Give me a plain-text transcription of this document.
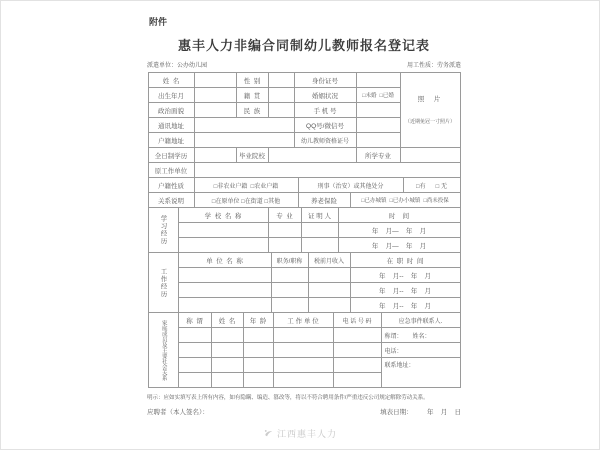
附件
惠丰人力非编合同制幼儿教师报名登记表
派遣单位：公办幼儿园	用工性质：劳务派遣
姓  名		性  别		身份证号		照  片

（近期免冠一寸照片）

出生年月		籍  贯		婚姻状况	□未婚  □已婚	
政治面貌		民  族		手 机 号		
通讯地址				QQ号/微信号		
户籍地址				幼儿教师资格证号		
全日制学历		毕业院校			所学专业	
原工作单位	
户籍性质	□非农业户籍  □农业户籍	刑事（治安）或其他处分	□有      □ 无
关系说明	□在原单位 □在街道 □其他	养老保险	□已办城镇  □已办小城镇  □尚未投保
学习经历	学  校  名  称	专  业	证 明 人	时    间
				年    月—    年    月
				年    月—    年    月
工作经历	单  位  名  称	职务/职称	税前月收入	在  职  时  间
				年    月--    年    月
				年    月--    年    月
				年    月--    年    月
家庭成员及主要社会关系	称  谓	姓  名	年  龄	工 作 单 位	电 话 号 码	应急事件联系人.
						称谓：      姓名：
						电话：
						联系地址：

明示：应如实填写表上所有内容，如有隐瞒、编造、篡改等，将以不符合聘用条件/严重违反公司规定解除劳动关系。
应聘者（本人签名）：	填表日期：        年    月    日
江西惠丰人力
